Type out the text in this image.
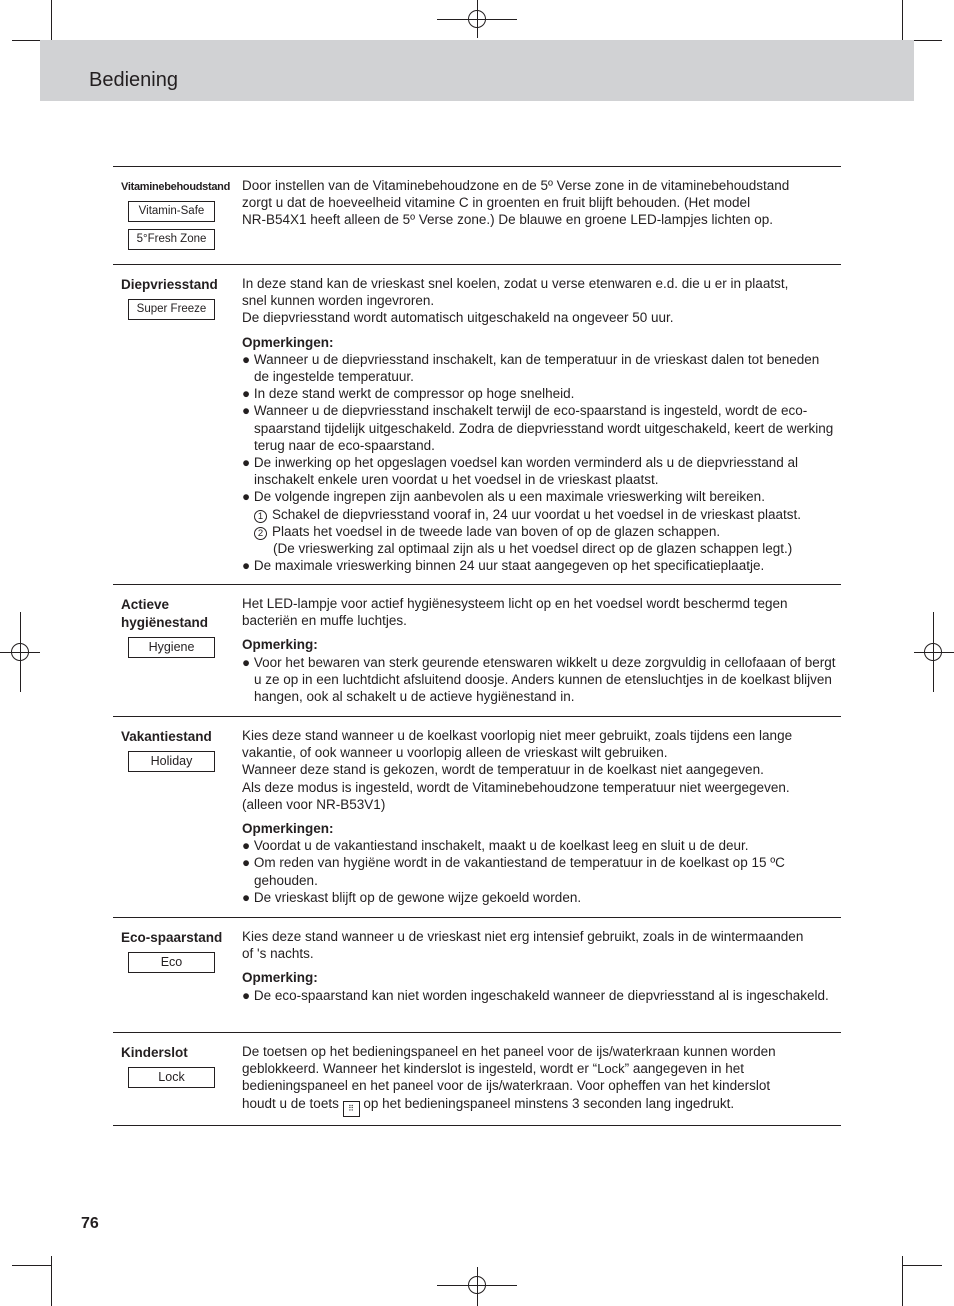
Bediening
Vitaminebehoudstand
Vitamin-Safe
5°Fresh Zone

Door instellen van de Vitaminebehoudzone en de 5º Verse zone in de vitaminebehoudstand

zorgt u dat de hoeveelheid vitamine C in groenten en fruit blijft behouden. (Het model

NR-B54X1 heeft alleen de 5º Verse zone.) De blauwe en groene LED-lampjes lichten op.

Diepvriesstand
Super Freeze

In deze stand kan de vrieskast snel koelen, zodat u verse etenwaren e.d. die u er in plaatst,

snel kunnen worden ingevroren.

De diepvriesstand wordt automatisch uitgeschakeld na ongeveer 50 uur.

Opmerkingen:

● Wanneer u de diepvriesstand inschakelt, kan de temperatuur in de vrieskast dalen tot beneden de ingestelde temperatuur.

● In deze stand werkt de compressor op hoge snelheid.

● Wanneer u de diepvriesstand inschakelt terwijl de eco-spaarstand is ingesteld, wordt de eco-spaarstand tijdelijk uitgeschakeld. Zodra de diepvriesstand wordt uitgeschakeld, keert de werking terug naar de eco-spaarstand.

● De inwerking op het opgeslagen voedsel kan worden verminderd als u de diepvriesstand al inschakelt enkele uren voordat u het voedsel in de vrieskast plaatst.

● De volgende ingrepen zijn aanbevolen als u een maximale vrieswerking wilt bereiken.

1 Schakel de diepvriesstand vooraf in, 24 uur voordat u het voedsel in de vrieskast plaatst.

2 Plaats het voedsel in de tweede lade van boven of op de glazen schappen.

(De vrieswerking zal optimaal zijn als u het voedsel direct op de glazen schappen legt.)

● De maximale vrieswerking binnen 24 uur staat aangegeven op het specificatieplaatje.

Actieve
hygiënestand
Hygiene

Het LED-lampje voor actief hygiënesysteem licht op en het voedsel wordt beschermd tegen

bacteriën en muffe luchtjes.

Opmerking:

● Voor het bewaren van sterk geurende etenswaren wikkelt u deze zorgvuldig in cellofaaan of bergt u ze op in een luchtdicht afsluitend doosje. Anders kunnen de etensluchtjes in de koelkast blijven hangen, ook al schakelt u de actieve hygiënestand in.

Vakantiestand
Holiday

Kies deze stand wanneer u de koelkast voorlopig niet meer gebruikt, zoals tijdens een lange

vakantie, of ook wanneer u voorlopig alleen de vrieskast wilt gebruiken.

Wanneer deze stand is gekozen, wordt de temperatuur in de koelkast niet aangegeven.

Als deze modus is ingesteld, wordt de Vitaminebehoudzone temperatuur niet weergegeven.

(alleen voor NR-B53V1)

Opmerkingen:

● Voordat u de vakantiestand inschakelt, maakt u de koelkast leeg en sluit u de deur.

● Om reden van hygiëne wordt in de vakantiestand de temperatuur in de koelkast op 15 ºC gehouden.

● De vrieskast blijft op de gewone wijze gekoeld worden.

Eco-spaarstand
Eco

Kies deze stand wanneer u de vrieskast niet erg intensief gebruikt, zoals in de wintermaanden

of 's nachts.

Opmerking:

● De eco-spaarstand kan niet worden ingeschakeld wanneer de diepvriesstand al is ingeschakeld.

Kinderslot
Lock

De toetsen op het bedieningspaneel en het paneel voor de ijs/waterkraan kunnen worden

geblokkeerd. Wanneer het kinderslot is ingesteld, wordt er “Lock” aangegeven in het

bedieningspaneel en het paneel voor de ijs/waterkraan. Voor opheffen van het kinderslot

houdt u de toets ⠿ op het bedieningspaneel minstens 3 seconden lang ingedrukt.

76
